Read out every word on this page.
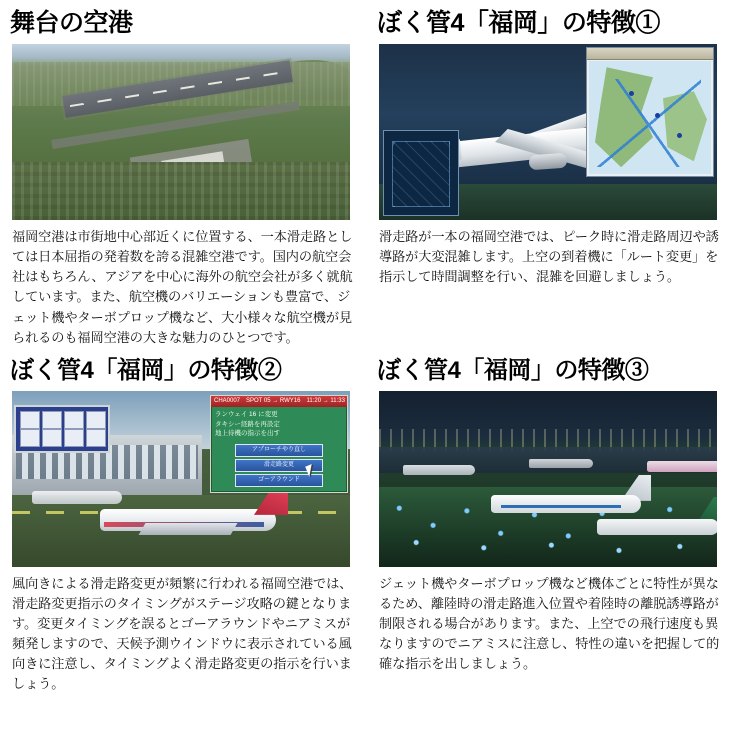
舞台の空港

福岡空港は市街地中心部近くに位置する、一本滑走路としては日本屈指の発着数を誇る混雑空港です。国内の航空会社はもちろん、アジアを中心に海外の航空会社が多く就航しています。また、航空機のバリエーションも豊富で、ジェット機やターボプロップ機など、大小様々な航空機が見られるのも福岡空港の大きな魅力のひとつです。

ぼく管4「福岡」の特徴①

滑走路が一本の福岡空港では、ピーク時に滑走路周辺や誘導路が大変混雑します。上空の到着機に「ルート変更」を指示して時間調整を行い、混雑を回避しましょう。

ぼく管4「福岡」の特徴②
CHA0007　SPOT 05 → RWY16　11:20 → 11:33
ランウェイ 16 に変更
タキシー経路を再設定
地上待機の指示を出す
アプローチやり直し
滑走路変更
ゴーアラウンド

風向きによる滑走路変更が頻繁に行われる福岡空港では、滑走路変更指示のタイミングがステージ攻略の鍵となります。変更タイミングを誤るとゴーアラウンドやニアミスが頻発しますので、天候予測ウインドウに表示されている風向きに注意し、タイミングよく滑走路変更の指示を行いましょう。

ぼく管4「福岡」の特徴③

ジェット機やターボプロップ機など機体ごとに特性が異なるため、離陸時の滑走路進入位置や着陸時の離脱誘導路が制限される場合があります。また、上空での飛行速度も異なりますのでニアミスに注意し、特性の違いを把握して的確な指示を出しましょう。
